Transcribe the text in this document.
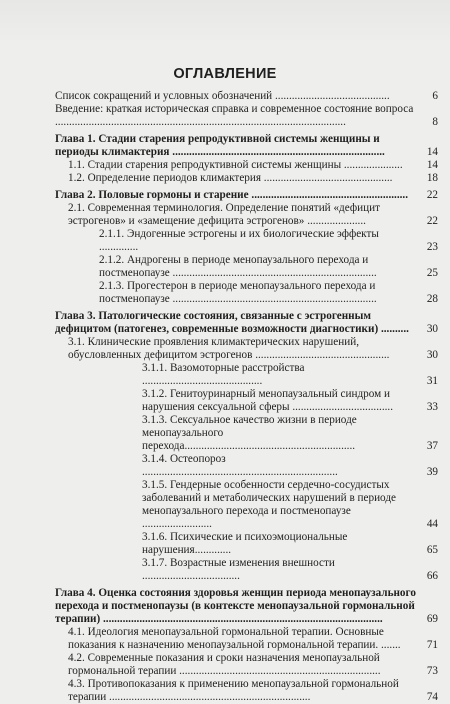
ОГЛАВЛЕНИЕ
Список сокращений и условных обозначений .........................................	6
Введение: краткая историческая справка и современное состояние вопроса ........................................................................................................	8
Глава 1. Стадии старения репродуктивной системы женщины и периоды климактерия ............................................................................	14
1.1. Стадии старения репродуктивной системы женщины .....................	14
1.2. Определение периодов климактерия ..............................................	18
Глава 2. Половые гормоны и старение ........................................................	22
2.1. Современная терминология. Определение понятий «дефицит эстрогенов» и «замещение дефицита эстрогенов» .....................	22
2.1.1. Эндогенные эстрогены и их биологические эффекты ..............	23
2.1.2. Андрогены в периоде менопаузального перехода и постменопаузе .........................................................................	25
2.1.3. Прогестерон в периоде менопаузального перехода и постменопаузе .........................................................................	28
Глава 3. Патологические состояния, связанные с эстрогенным дефицитом (патогенез, современные возможности диагностики) ..........	30
3.1. Клинические проявления климактерических нарушений, обусловленных дефицитом эстрогенов ................................................	30
3.1.1. Вазомоторные расстройства ...........................................	31
3.1.2. Генитоуринарный менопаузальный синдром и нарушения сексуальной сферы ....................................	33
3.1.3. Сексуальное качество жизни в периоде менопаузального перехода.............................................................	37
3.1.4. Остеопороз ......................................................................	39
3.1.5. Гендерные особенности сердечно-сосудистых заболеваний и метаболических нарушений в периоде менопаузального перехода и постменопаузе .........................	44
3.1.6. Психические и психоэмоциональные нарушения.............	65
3.1.7. Возрастные изменения внешности ...................................	66
Глава 4. Оценка состояния здоровья женщин периода менопаузального перехода и постменопаузы (в контексте менопаузальной гормональной терапии) ....................................................................................................	69
4.1. Идеология менопаузальной гормональной терапии. Основные показания к назначению менопаузальной гормональной терапии. .......	71
4.2. Современные показания и сроки назначения менопаузальной гормональной терапии ........................................................................	73
4.3. Противопоказания к применению менопаузальной гормональной терапии ........................................................................	74
